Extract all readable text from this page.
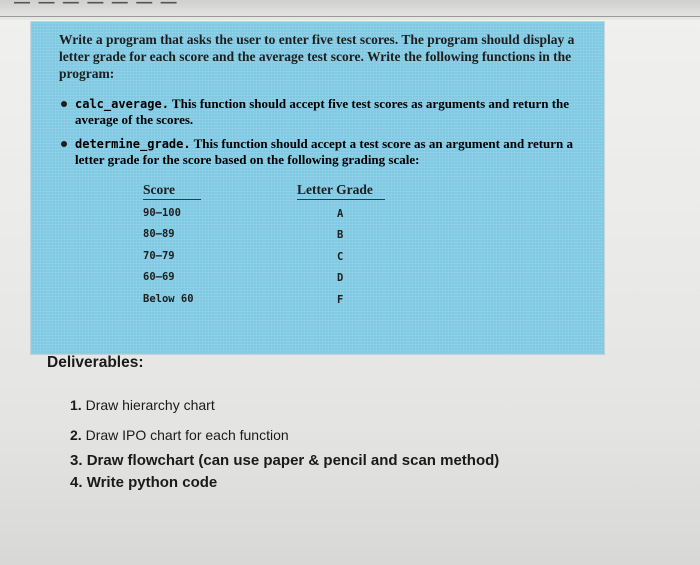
— — — — — — —

Write a program that asks the user to enter five test scores. The program should display a letter grade for each score and the average test score. Write the following functions in the program:

calc_average. This function should accept five test scores as arguments and return the average of the scores.
determine_grade. This function should accept a test score as an argument and return a letter grade for the score based on the following grading scale:
Score	Letter Grade
90–100	A
80–89	B
70–79	C
60–69	D
Below 60	F
Deliverables:
1. Draw hierarchy chart
2. Draw IPO chart for each function
3. Draw flowchart (can use paper & pencil and scan method)
4. Write python code
